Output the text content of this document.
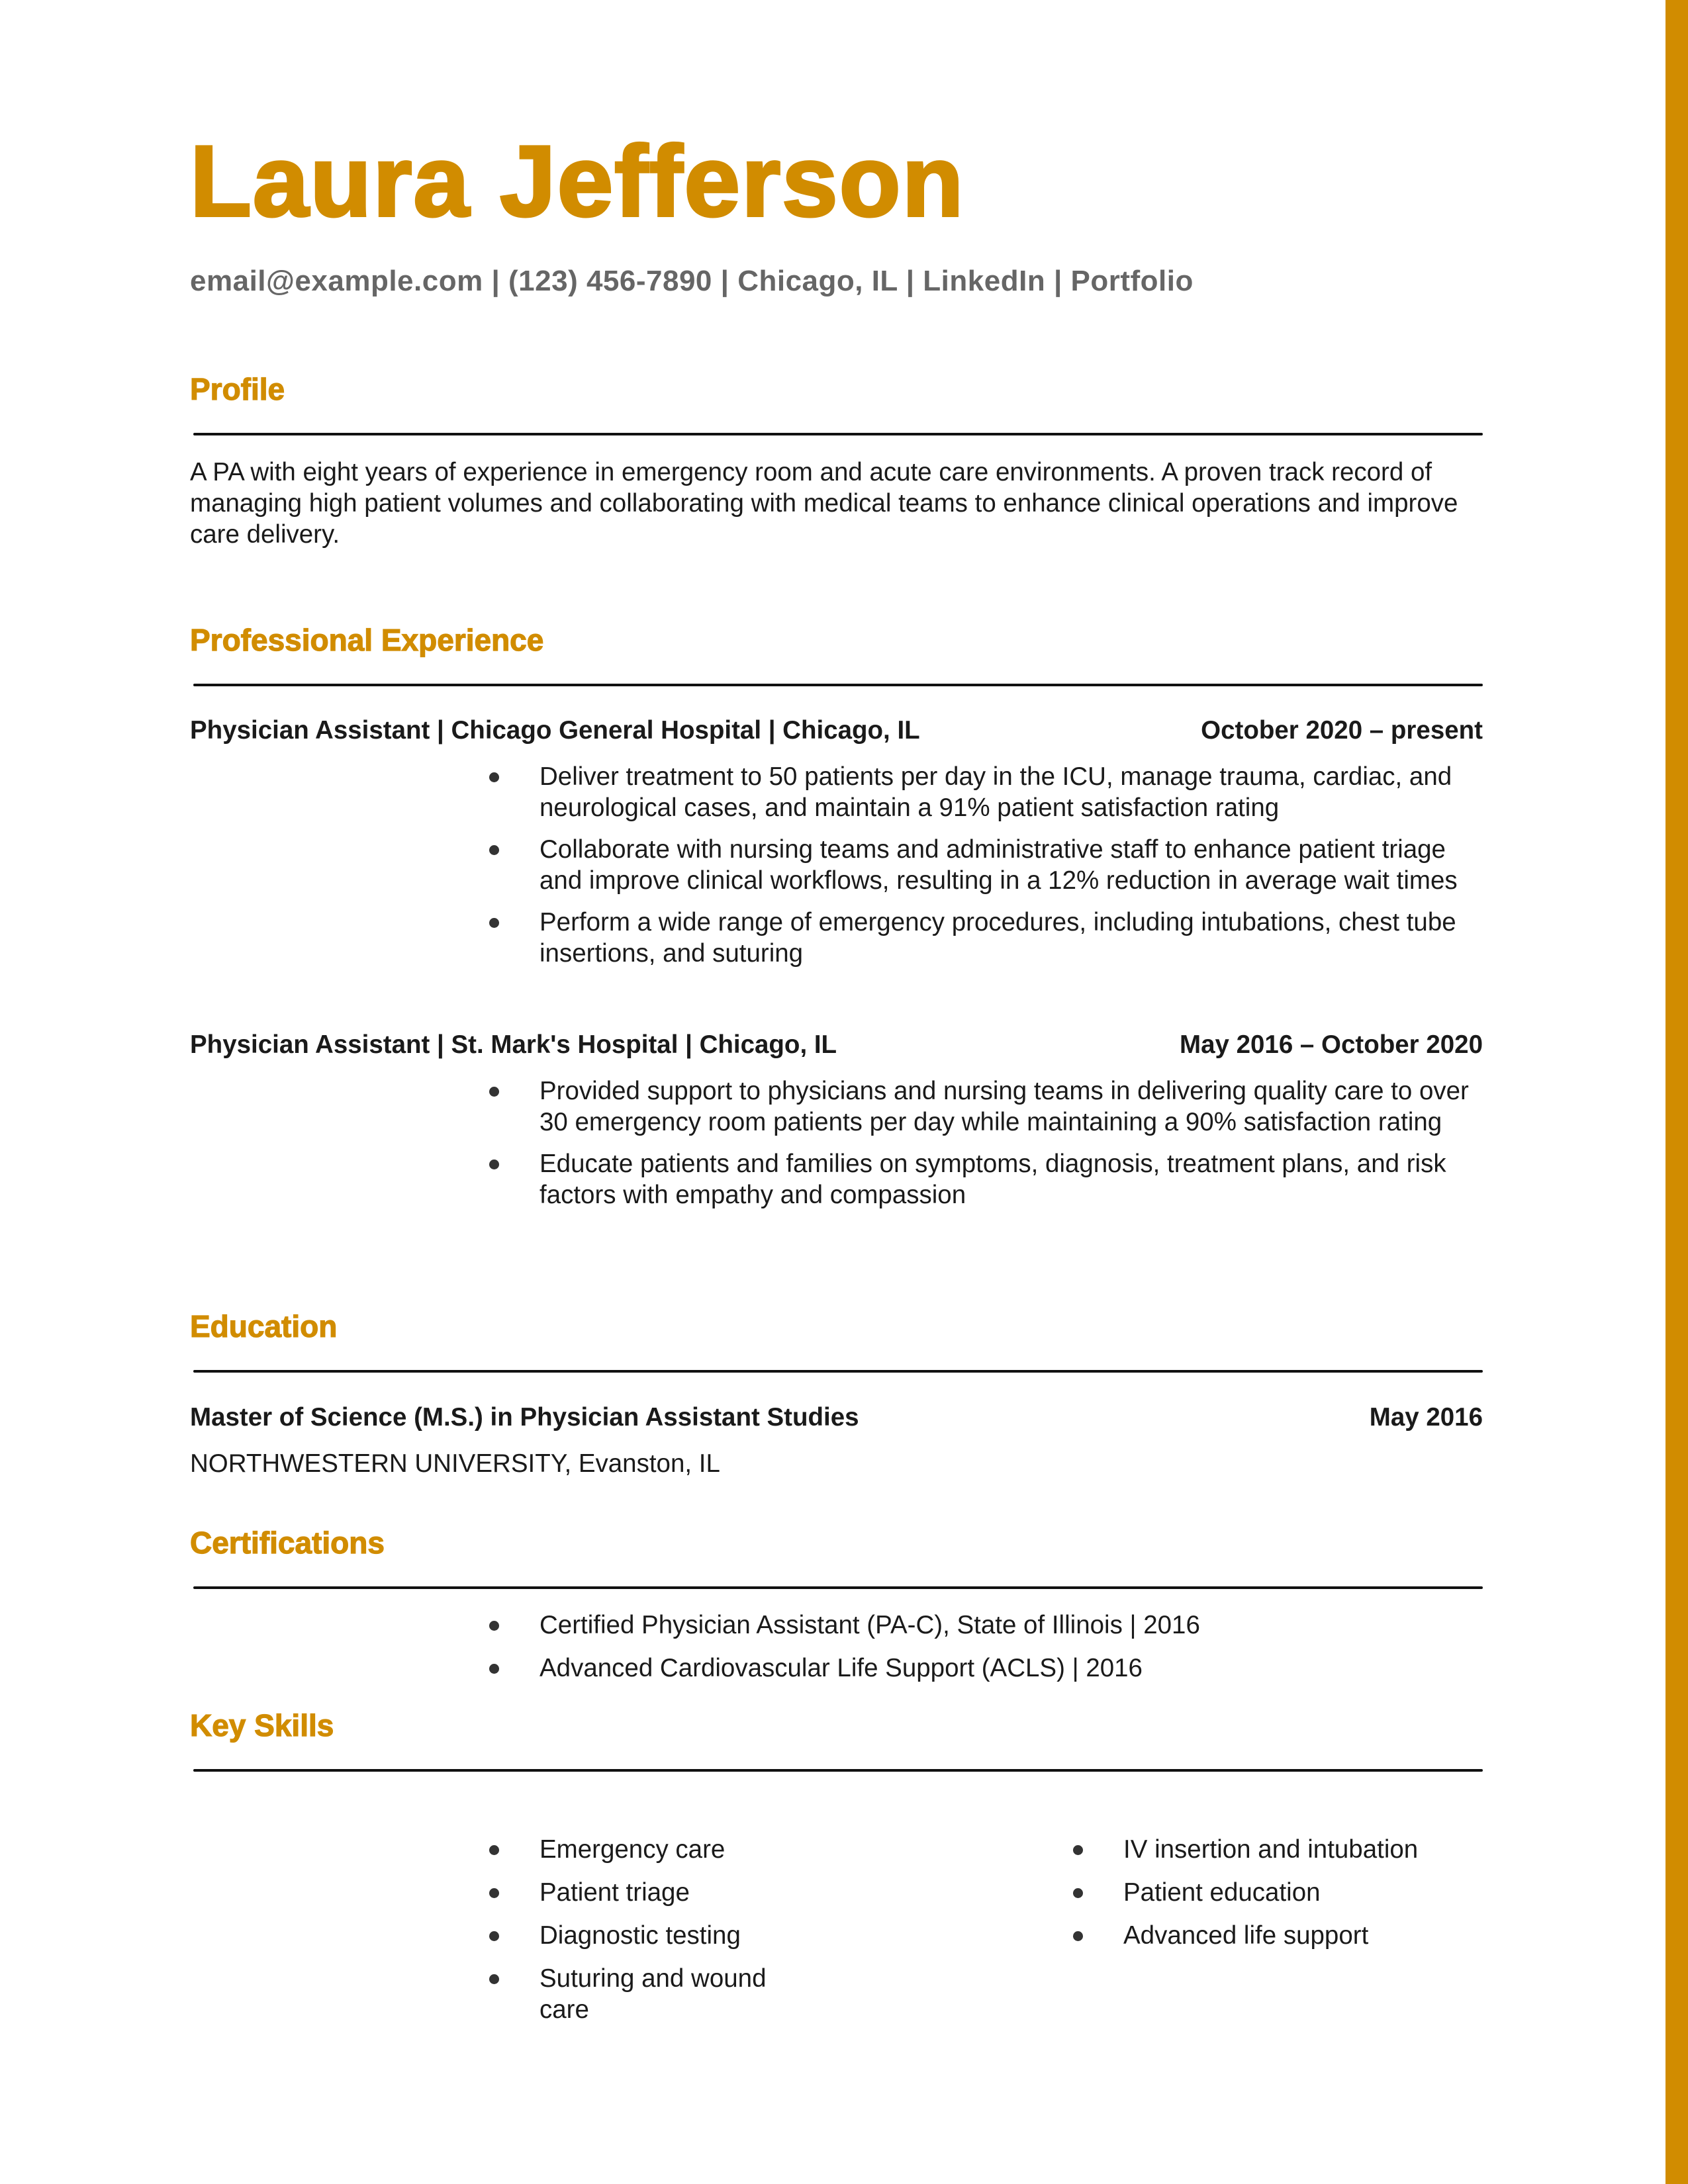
Laura Jefferson
email@example.com | (123) 456-7890 | Chicago, IL | LinkedIn | Portfolio
Profile
A PA with eight years of experience in emergency room and acute care environments. A proven track record of managing high patient volumes and collaborating with medical teams to enhance clinical operations and improve care delivery.
Professional Experience
Physician Assistant | Chicago General Hospital | Chicago, IL	October 2020 – present
Deliver treatment to 50 patients per day in the ICU, manage trauma, cardiac, and neurological cases, and maintain a 91% patient satisfaction rating
Collaborate with nursing teams and administrative staff to enhance patient triage and improve clinical workflows, resulting in a 12% reduction in average wait times
Perform a wide range of emergency procedures, including intubations, chest tube insertions, and suturing
Physician Assistant | St. Mark's Hospital | Chicago, IL	May 2016 – October 2020
Provided support to physicians and nursing teams in delivering quality care to over 30 emergency room patients per day while maintaining a 90% satisfaction rating
Educate patients and families on symptoms, diagnosis, treatment plans, and risk factors with empathy and compassion
Education
Master of Science (M.S.) in Physician Assistant Studies	May 2016
NORTHWESTERN UNIVERSITY, Evanston, IL
Certifications
Certified Physician Assistant (PA-C), State of Illinois | 2016
Advanced Cardiovascular Life Support (ACLS) | 2016
Key Skills
Emergency care
Patient triage
Diagnostic testing
Suturing and wound care
IV insertion and intubation
Patient education
Advanced life support
